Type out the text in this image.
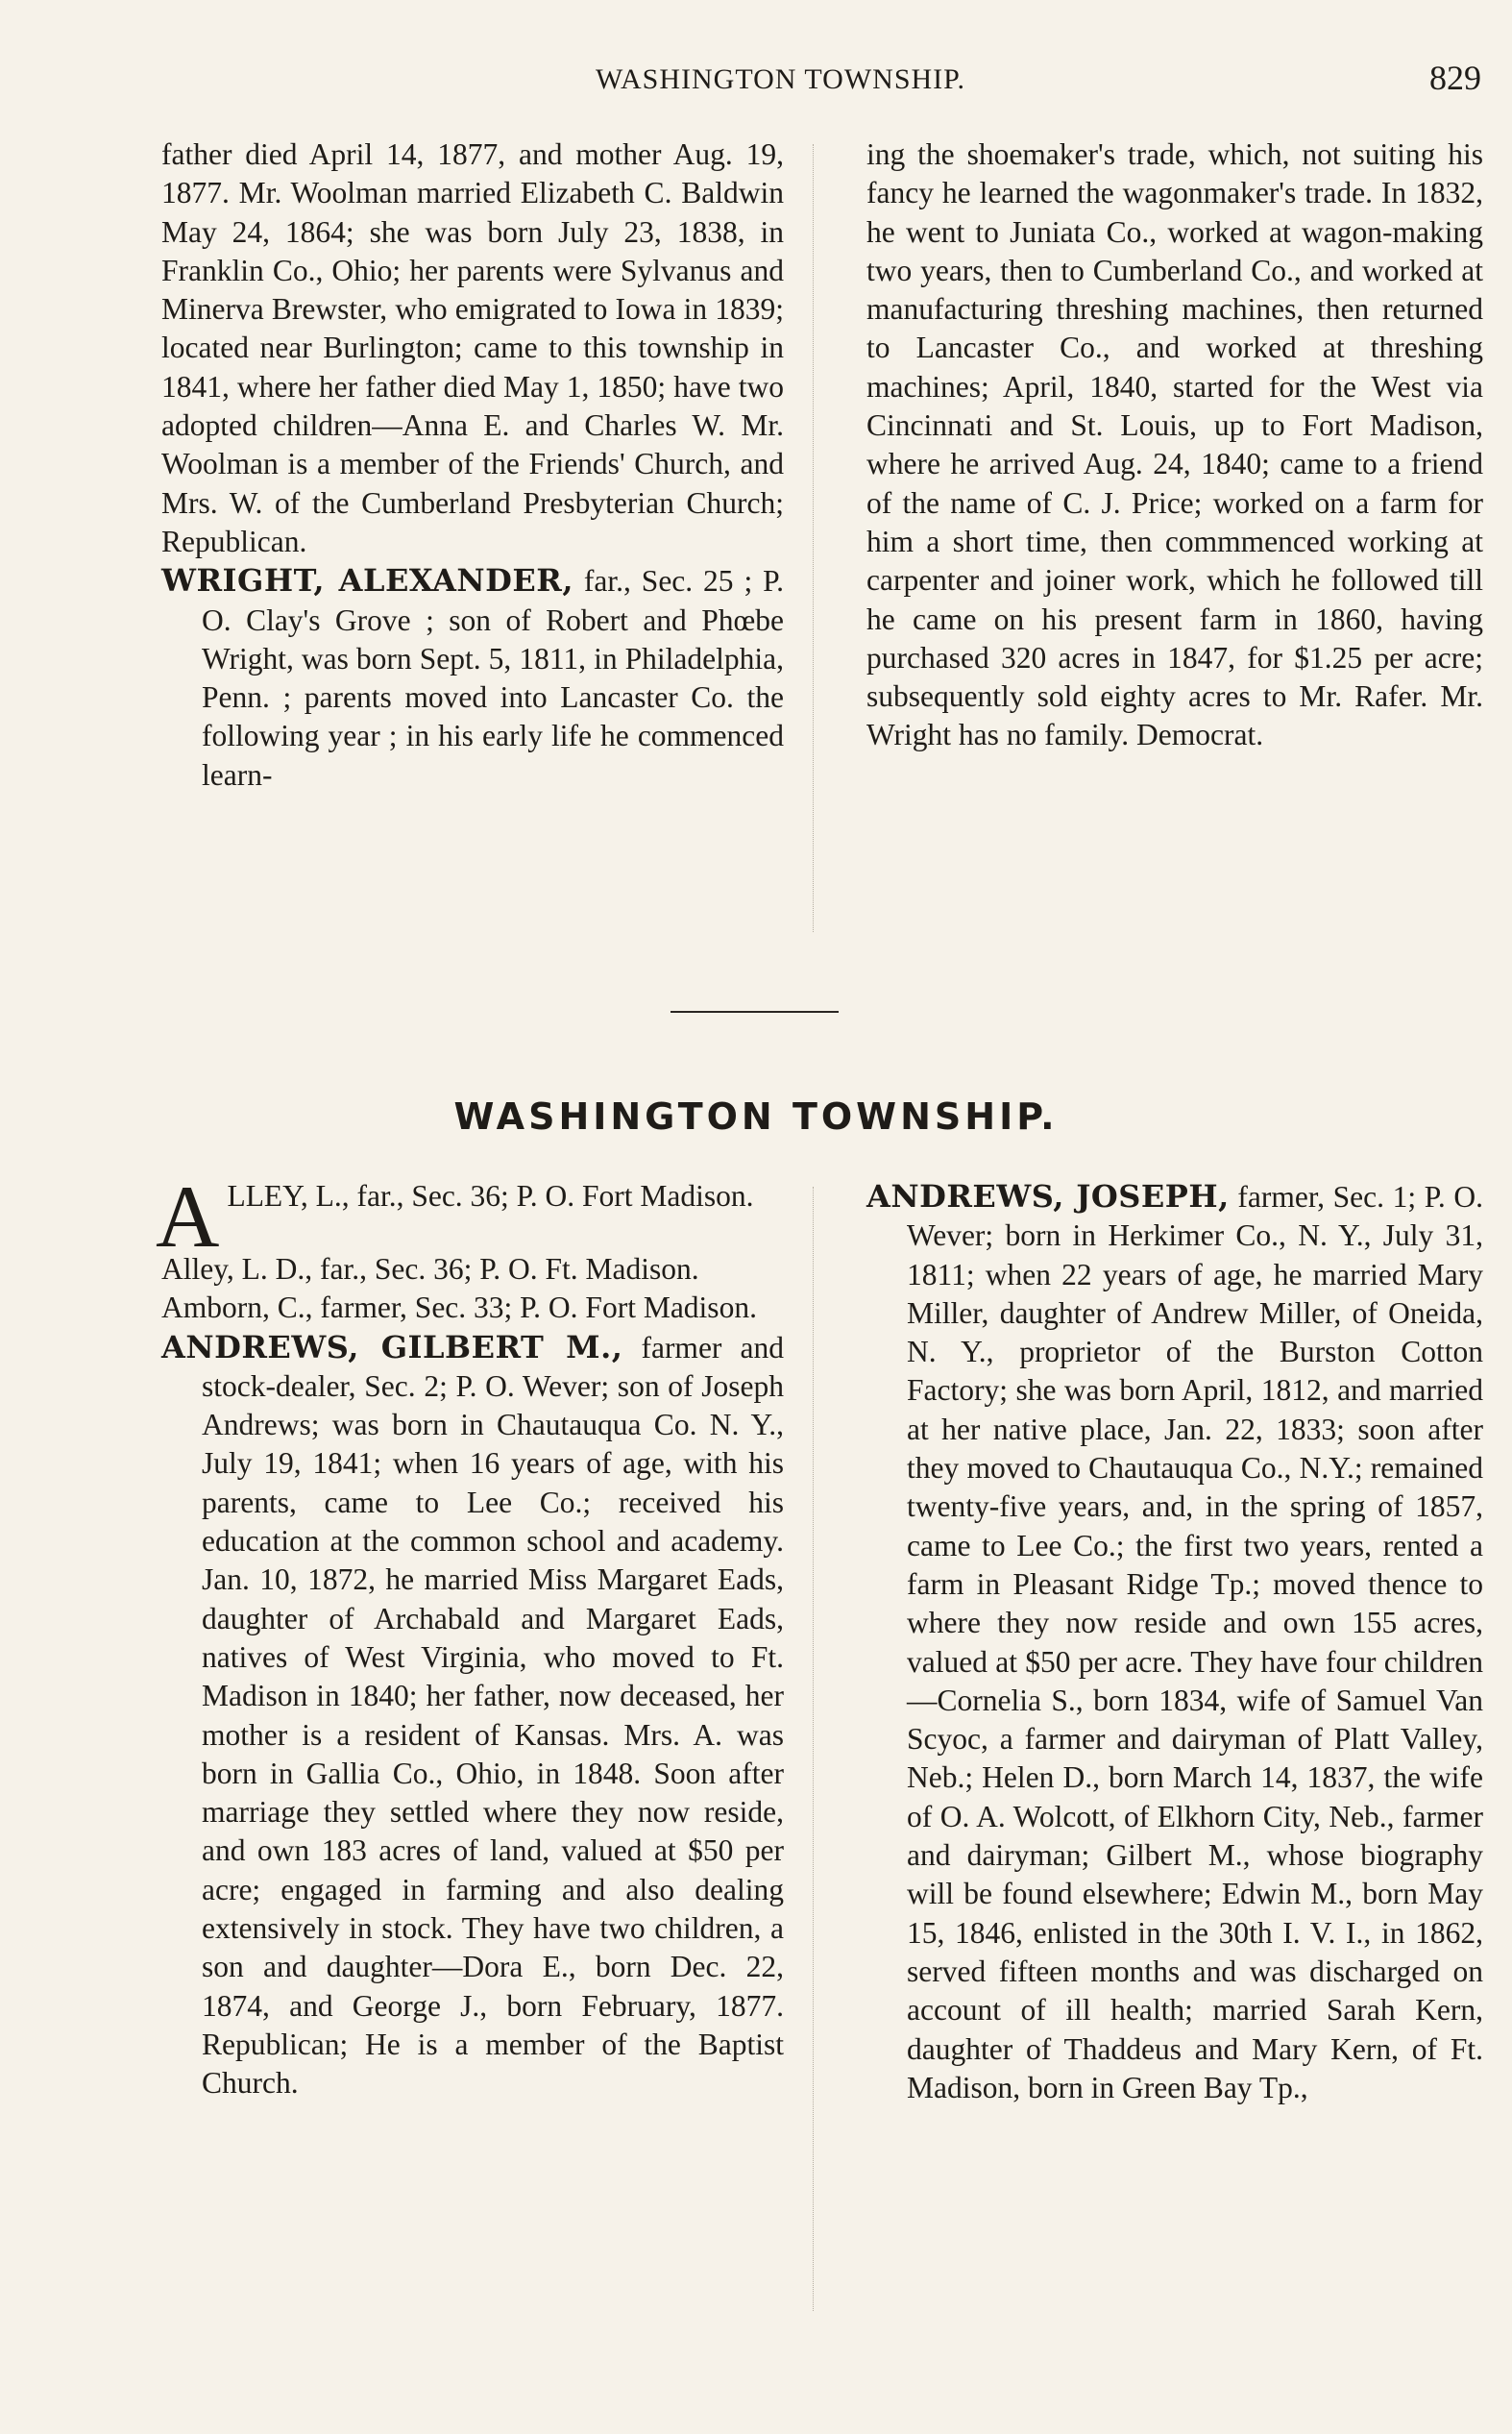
WASHINGTON TOWNSHIP.	829

father died April 14, 1877, and mother Aug. 19, 1877. Mr. Woolman married Elizabeth C. Baldwin May 24, 1864; she was born July 23, 1838, in Franklin Co., Ohio; her parents were Sylvanus and Minerva Brewster, who emigrated to Iowa in 1839; located near Burlington; came to this township in 1841, where her father died May 1, 1850; have two adopted children—Anna E. and Charles W. Mr. Woolman is a member of the Friends' Church, and Mrs. W. of the Cumberland Presbyterian Church; Republican.

WRIGHT, ALEXANDER, far., Sec. 25 ; P. O. Clay's Grove ; son of Robert and Phœbe Wright, was born Sept. 5, 1811, in Philadelphia, Penn. ; parents moved into Lancaster Co. the following year ; in his early life he commenced learn-

ing the shoemaker's trade, which, not suiting his fancy he learned the wagonmaker's trade. In 1832, he went to Juniata Co., worked at wagon-making two years, then to Cumberland Co., and worked at manufacturing threshing machines, then returned to Lancaster Co., and worked at threshing machines; April, 1840, started for the West via Cincinnati and St. Louis, up to Fort Madison, where he arrived Aug. 24, 1840; came to a friend of the name of C. J. Price; worked on a farm for him a short time, then commmenced working at carpenter and joiner work, which he followed till he came on his present farm in 1860, having purchased 320 acres in 1847, for $1.25 per acre; subsequently sold eighty acres to Mr. Rafer. Mr. Wright has no family. Democrat.

WASHINGTON TOWNSHIP.

ALLEY, L., far., Sec. 36; P. O. Fort Madison.

Alley, L. D., far., Sec. 36; P. O. Ft. Madison.

Amborn, C., farmer, Sec. 33; P. O. Fort Madison.

ANDREWS, GILBERT M., farmer and stock-dealer, Sec. 2; P. O. Wever; son of Joseph Andrews; was born in Chautauqua Co. N. Y., July 19, 1841; when 16 years of age, with his parents, came to Lee Co.; received his education at the common school and academy. Jan. 10, 1872, he married Miss Margaret Eads, daughter of Archabald and Margaret Eads, natives of West Virginia, who moved to Ft. Madison in 1840; her father, now deceased, her mother is a resident of Kansas. Mrs. A. was born in Gallia Co., Ohio, in 1848. Soon after marriage they settled where they now reside, and own 183 acres of land, valued at $50 per acre; engaged in farming and also dealing extensively in stock. They have two children, a son and daughter—Dora E., born Dec. 22, 1874, and George J., born February, 1877. Republican; He is a member of the Baptist Church.

ANDREWS, JOSEPH, farmer, Sec. 1; P. O. Wever; born in Herkimer Co., N. Y., July 31, 1811; when 22 years of age, he married Mary Miller, daughter of Andrew Miller, of Oneida, N. Y., proprietor of the Burston Cotton Factory; she was born April, 1812, and married at her native place, Jan. 22, 1833; soon after they moved to Chautauqua Co., N.Y.; remained twenty-five years, and, in the spring of 1857, came to Lee Co.; the first two years, rented a farm in Pleasant Ridge Tp.; moved thence to where they now reside and own 155 acres, valued at $50 per acre. They have four children—Cornelia S., born 1834, wife of Samuel Van Scyoc, a farmer and dairyman of Platt Valley, Neb.; Helen D., born March 14, 1837, the wife of O. A. Wolcott, of Elkhorn City, Neb., farmer and dairyman; Gilbert M., whose biography will be found elsewhere; Edwin M., born May 15, 1846, enlisted in the 30th I. V. I., in 1862, served fifteen months and was discharged on account of ill health; married Sarah Kern, daughter of Thaddeus and Mary Kern, of Ft. Madison, born in Green Bay Tp.,
